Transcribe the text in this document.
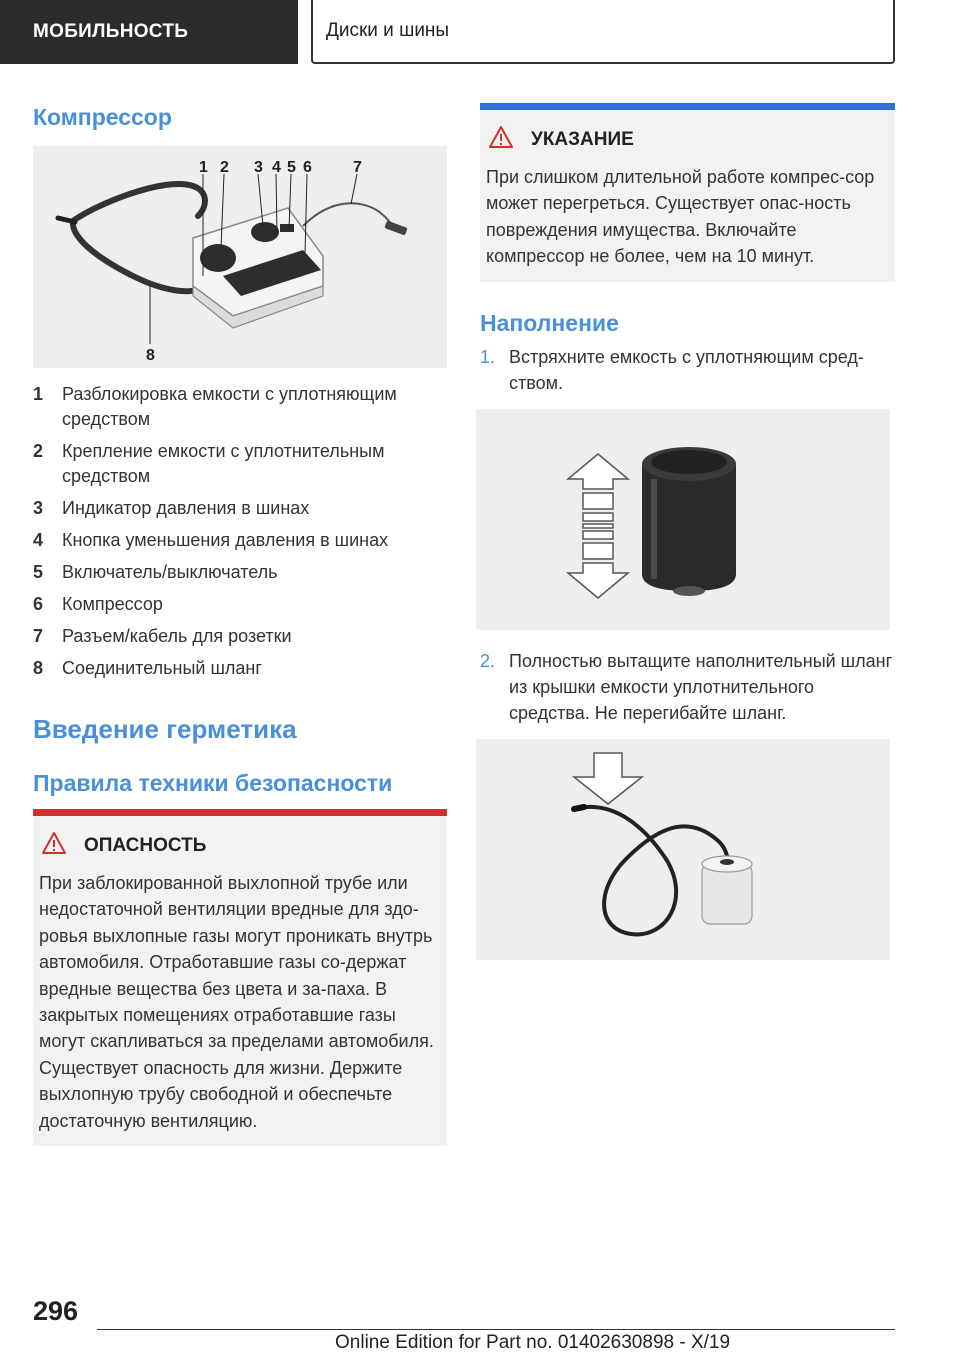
МОБИЛЬНОСТЬ	Диски и шины
Компрессор
1 2 3 4 5 6	7
8
1	Разблокировка емкости с уплотняющим средством
2	Крепление емкости с уплотнительным средством
3	Индикатор давления в шинах
4	Кнопка уменьшения давления в шинах
5	Включатель/выключатель
6	Компрессор
7	Разъем/кабель для розетки
8	Соединительный шланг
Введение герметика
Правила техники безопасности
ОПАСНОСТЬ
При заблокированной выхлопной трубе или недостаточной вентиляции вредные для здо-ровья выхлопные газы могут проникать внутрь автомобиля. Отработавшие газы со-держат вредные вещества без цвета и за-паха. В закрытых помещениях отработавшие газы могут скапливаться за пределами автомобиля. Существует опасность для жизни. Держите выхлопную трубу свободной и обеспечьте достаточную вентиляцию.
УКАЗАНИЕ
При слишком длительной работе компрес-сор может перегреться. Существует опас-ность повреждения имущества. Включайте компрессор не более, чем на 10 минут.
Наполнение
1. Встряхните емкость с уплотняющим сред-ством.
2. Полностью вытащите наполнительный шланг из крышки емкости уплотнительного средства. Не перегибайте шланг.
296
Online Edition for Part no. 01402630898 - X/19
